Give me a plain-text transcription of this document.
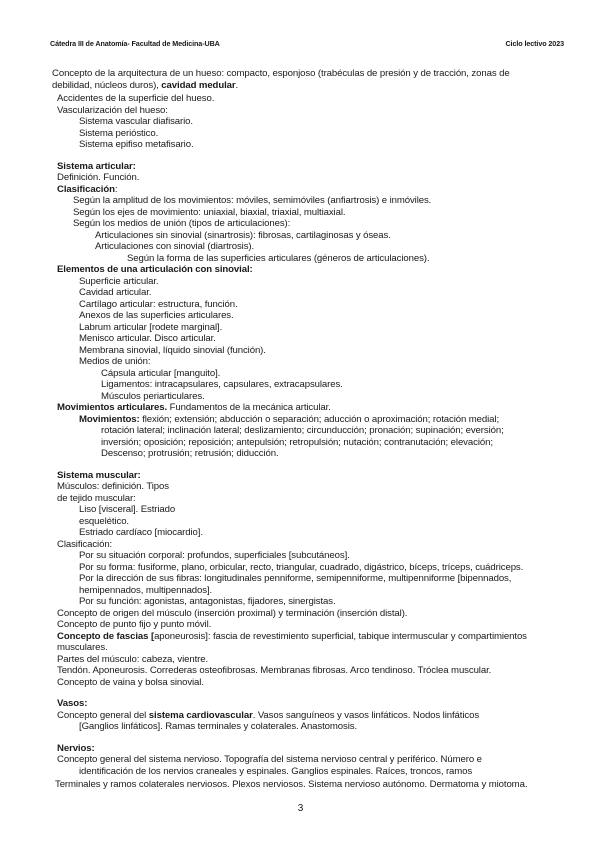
Cátedra III de Anatomía- Facultad de Medicina-UBA	Ciclo lectivo 2023
Concepto de la arquitectura de un hueso: compacto, esponjoso (trabéculas de presión y de tracción, zonas de debilidad, núcleos duros), cavidad medular.
Accidentes de la superficie del hueso.
Vascularización del hueso:
Sistema vascular diafisario.
Sistema perióstico.
Sistema epifiso metafisario.
Sistema articular:
Definición. Función.
Clasificación:
Según la amplitud de los movimientos: móviles, semimóviles (anfiartrosis) e inmóviles.
Según los ejes de movimiento: uniaxial, biaxial, triaxial, multiaxial.
Según los medios de unión (tipos de articulaciones):
Articulaciones sin sinovial (sinartrosis): fibrosas, cartilaginosas y óseas.
Articulaciones con sinovial (diartrosis).
Según la forma de las superficies articulares (géneros de articulaciones).
Elementos de una articulación con sinovial:
Superficie articular.
Cavidad articular.
Cartílago articular: estructura, función.
Anexos de las superficies articulares.
Labrum articular [rodete marginal].
Menisco articular. Disco articular.
Membrana sinovial, líquido sinovial (función).
Medios de unión:
Cápsula articular [manguito].
Ligamentos: intracapsulares, capsulares, extracapsulares.
Músculos periarticulares.
Movimientos articulares. Fundamentos de la mecánica articular.
Movimientos: flexión; extensión; abducción o separación; aducción o aproximación; rotación medial;
rotación lateral; inclinación lateral; deslizamiento; circunducción; pronación; supinación; eversión;
inversión; oposición; reposición; antepulsión; retropulsión; nutación; contranutación; elevación;
Descenso; protrusión; retrusión; diducción.
Sistema muscular:
Músculos: definición. Tipos
de tejido muscular:
Liso [visceral]. Estriado
esquelético.
Estriado cardíaco [miocardio].
Clasificación:
Por su situación corporal: profundos, superficiales [subcutáneos].
Por su forma: fusiforme, plano, orbicular, recto, triangular, cuadrado, digástrico, bíceps, tríceps, cuádriceps.
Por la dirección de sus fibras: longitudinales penniforme, semipenniforme, multipenniforme [bipennados,
hemipennados, multipennados].
Por su función: agonistas, antagonistas, fijadores, sinergistas.
Concepto de origen del músculo (inserción proximal) y terminación (inserción distal).
Concepto de punto fijo y punto móvil.
Concepto de fascias [aponeurosis]: fascia de revestimiento superficial, tabique intermuscular y compartimientos
musculares.
Partes del músculo: cabeza, vientre.
Tendón. Aponeurosis. Correderas osteofibrosas. Membranas fibrosas. Arco tendinoso. Tróclea muscular.
Concepto de vaina y bolsa sinovial.
Vasos:
Concepto general del sistema cardiovascular. Vasos sanguíneos y vasos linfáticos. Nodos linfáticos
[Ganglios linfáticos]. Ramas terminales y colaterales. Anastomosis.
Nervios:
Concepto general del sistema nervioso. Topografía del sistema nervioso central y periférico. Número e
identificación de los nervios craneales y espinales. Ganglios espinales. Raíces, troncos, ramos
Terminales y ramos colaterales nerviosos. Plexos nerviosos. Sistema nervioso autónomo. Dermatoma y miotoma.
3
